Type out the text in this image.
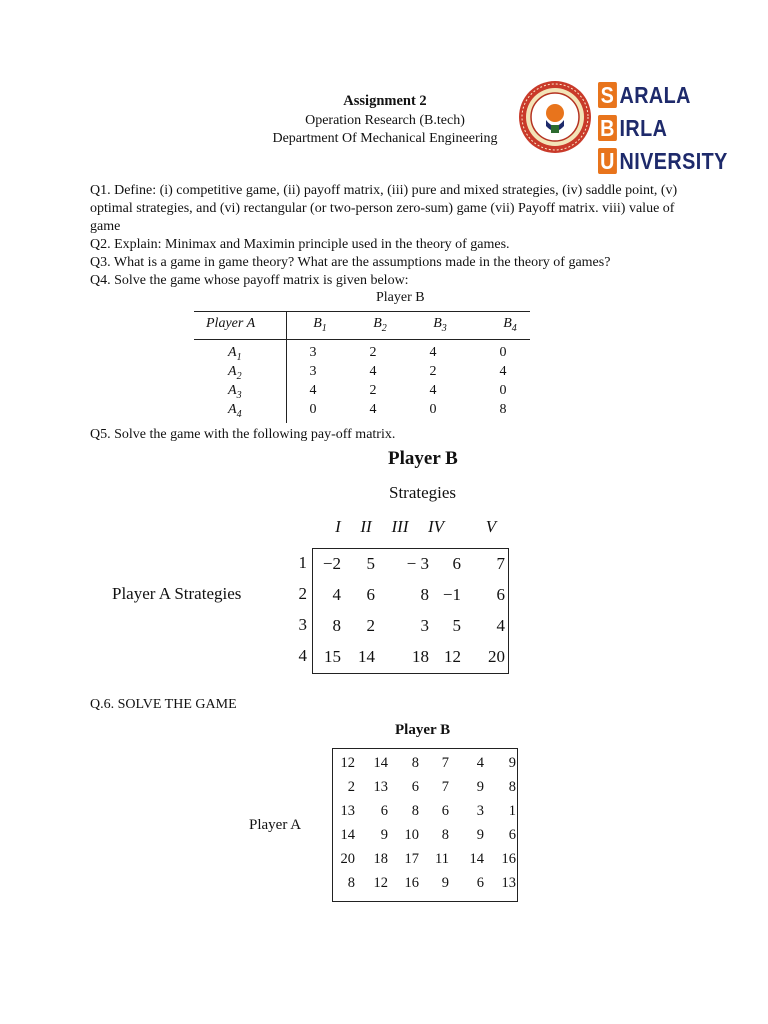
Assignment 2
Operation Research (B.tech)
Department Of Mechanical Engineering
S ARALA
B IRLA
U NIVERSITY
Q1. Define: (i) competitive game, (ii) payoff matrix, (iii) pure and mixed strategies, (iv) saddle point, (v) optimal strategies, and (vi) rectangular (or two-person zero-sum) game (vii) Payoff matrix. viii) value of game
Q2. Explain: Minimax and Maximin principle used in the theory of games.
Q3. What is a game in game theory? What are the assumptions made in the theory of games?
Q4. Solve the game whose payoff matrix is given below:
Player B
Player A	$B_1$	$B_2$	$B_3$	$B_4$
$A_1$	3	2	4	0
$A_2$	3	4	2	4
$A_3$	4	2	4	0
$A_4$	0	4	0	8
Q5. Solve the game with the following pay-off matrix.
Player B
Strategies
Player A Strategies
I	II	III	IV	V
1
2
3
4
−2 5 − 3 6 7
4 6	8 −1 6
8 2	3 5 4
15 14 18 12 20
Q.6. SOLVE THE GAME
Player B
Player A
12 14 8 7 4 9
2 13 6 7 9 8
13 6 8 6 3 1
14 9 10 8 9 6
20 18 17 11 14 16
8 12 16 9 6 13
